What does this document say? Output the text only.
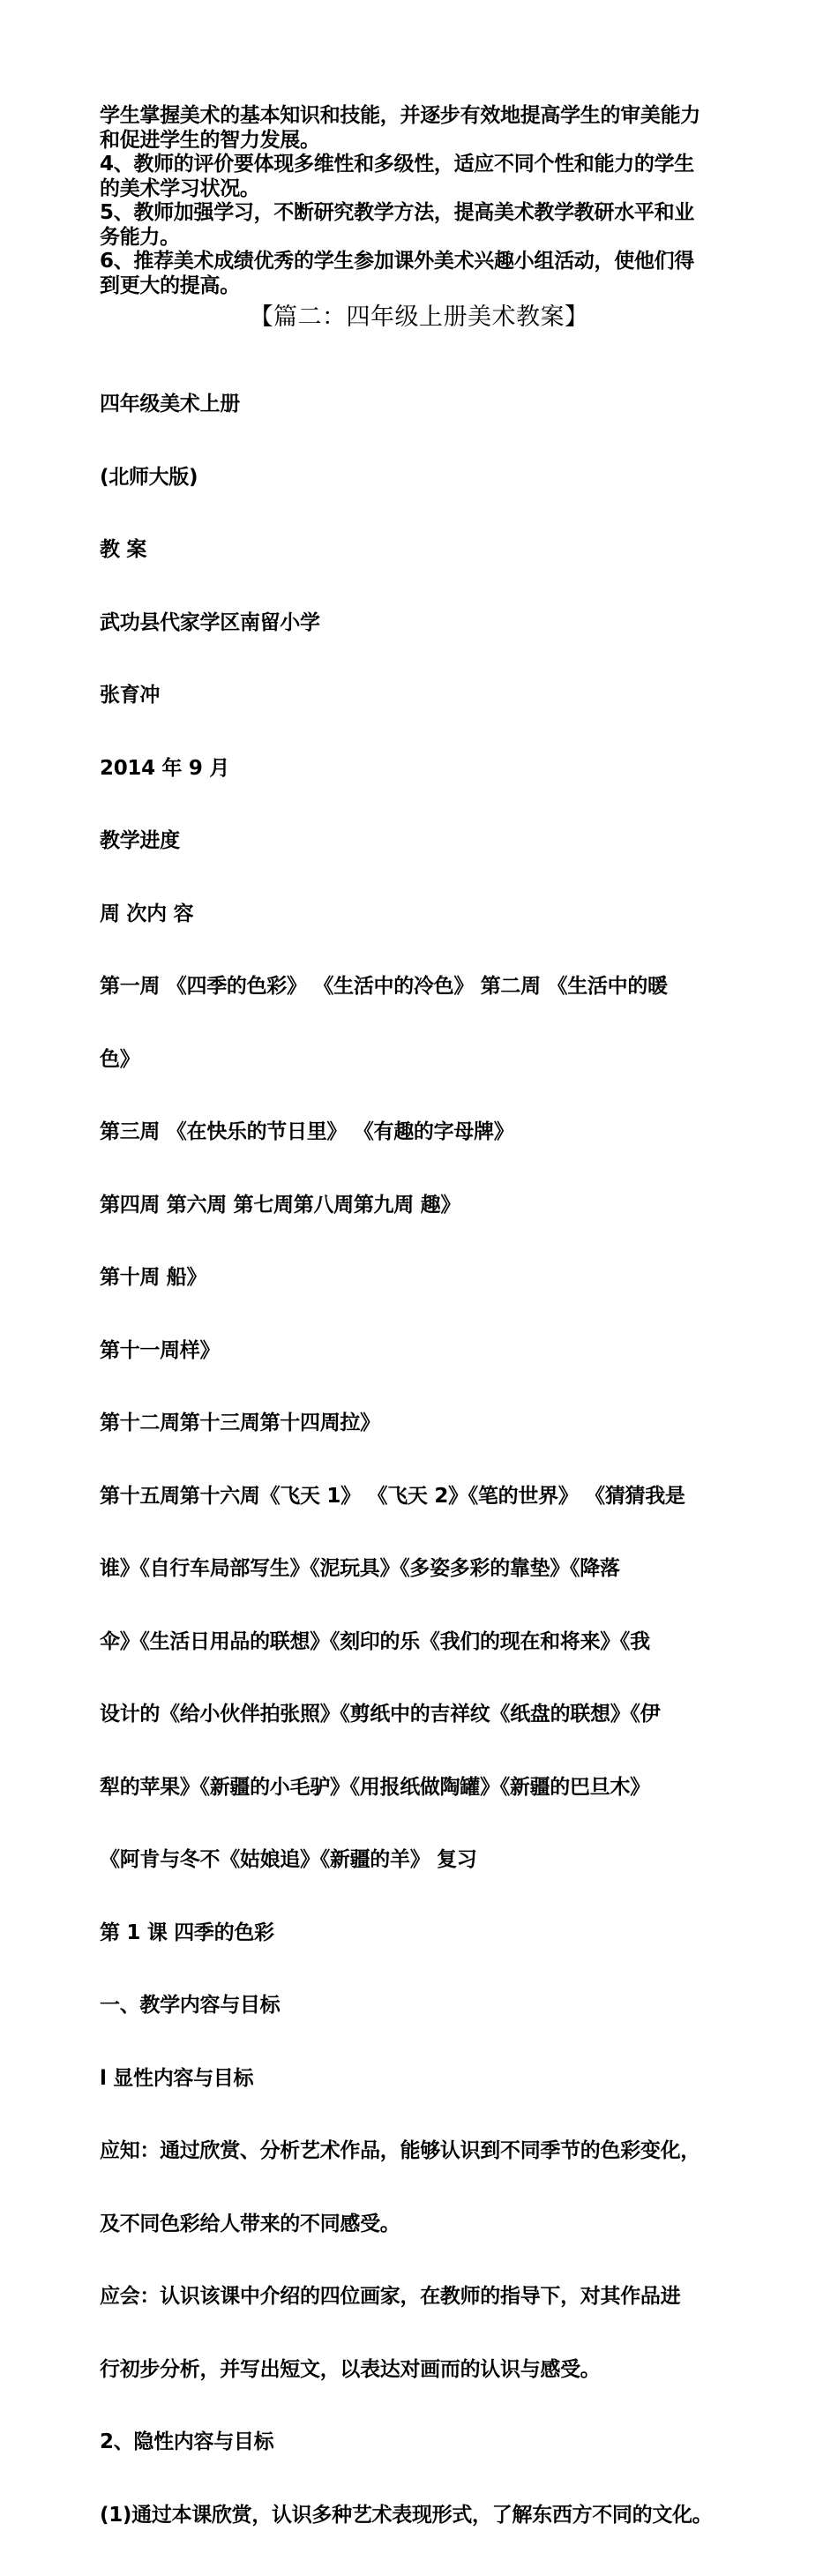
学生掌握美术的基本知识和技能，并逐步有效地提高学生的审美能力
和促进学生的智力发展。
4、教师的评价要体现多维性和多级性，适应不同个性和能力的学生
的美术学习状况。
5、教师加强学习，不断研究教学方法，提高美术教学教研水平和业
务能力。
6、推荐美术成绩优秀的学生参加课外美术兴趣小组活动，使他们得
到更大的提高。
【篇二：四年级上册美术教案】

四年级美术上册

(北师大版)

教 案

武功县代家学区南留小学

张育冲

2014 年 9 月

教学进度

周 次内 容

第一周 《四季的色彩》 《生活中的冷色》 第二周 《生活中的暖

色》

第三周 《在快乐的节日里》 《有趣的字母牌》

第四周 第六周 第七周第八周第九周 趣》

第十周 船》

第十一周样》

第十二周第十三周第十四周拉》

第十五周第十六周《飞天 1》 《飞天 2》《笔的世界》 《猜猜我是

谁》《自行车局部写生》《泥玩具》《多姿多彩的靠垫》《降落

伞》《生活日用品的联想》《刻印的乐《我们的现在和将来》《我

设计的《给小伙伴拍张照》《剪纸中的吉祥纹《纸盘的联想》《伊

犁的苹果》《新疆的小毛驴》《用报纸做陶罐》《新疆的巴旦木》

《阿肯与冬不《姑娘追》《新疆的羊》 复习

第 1 课 四季的色彩

一、教学内容与目标

l 显性内容与目标

应知：通过欣赏、分析艺术作品，能够认识到不同季节的色彩变化，

及不同色彩给人带来的不同感受。

应会：认识该课中介绍的四位画家，在教师的指导下，对其作品进

行初步分析，并写出短文，以表达对画而的认识与感受。

2、隐性内容与目标

(1)通过本课欣赏，认识多种艺术表现形式，了解东西方不同的文化。
